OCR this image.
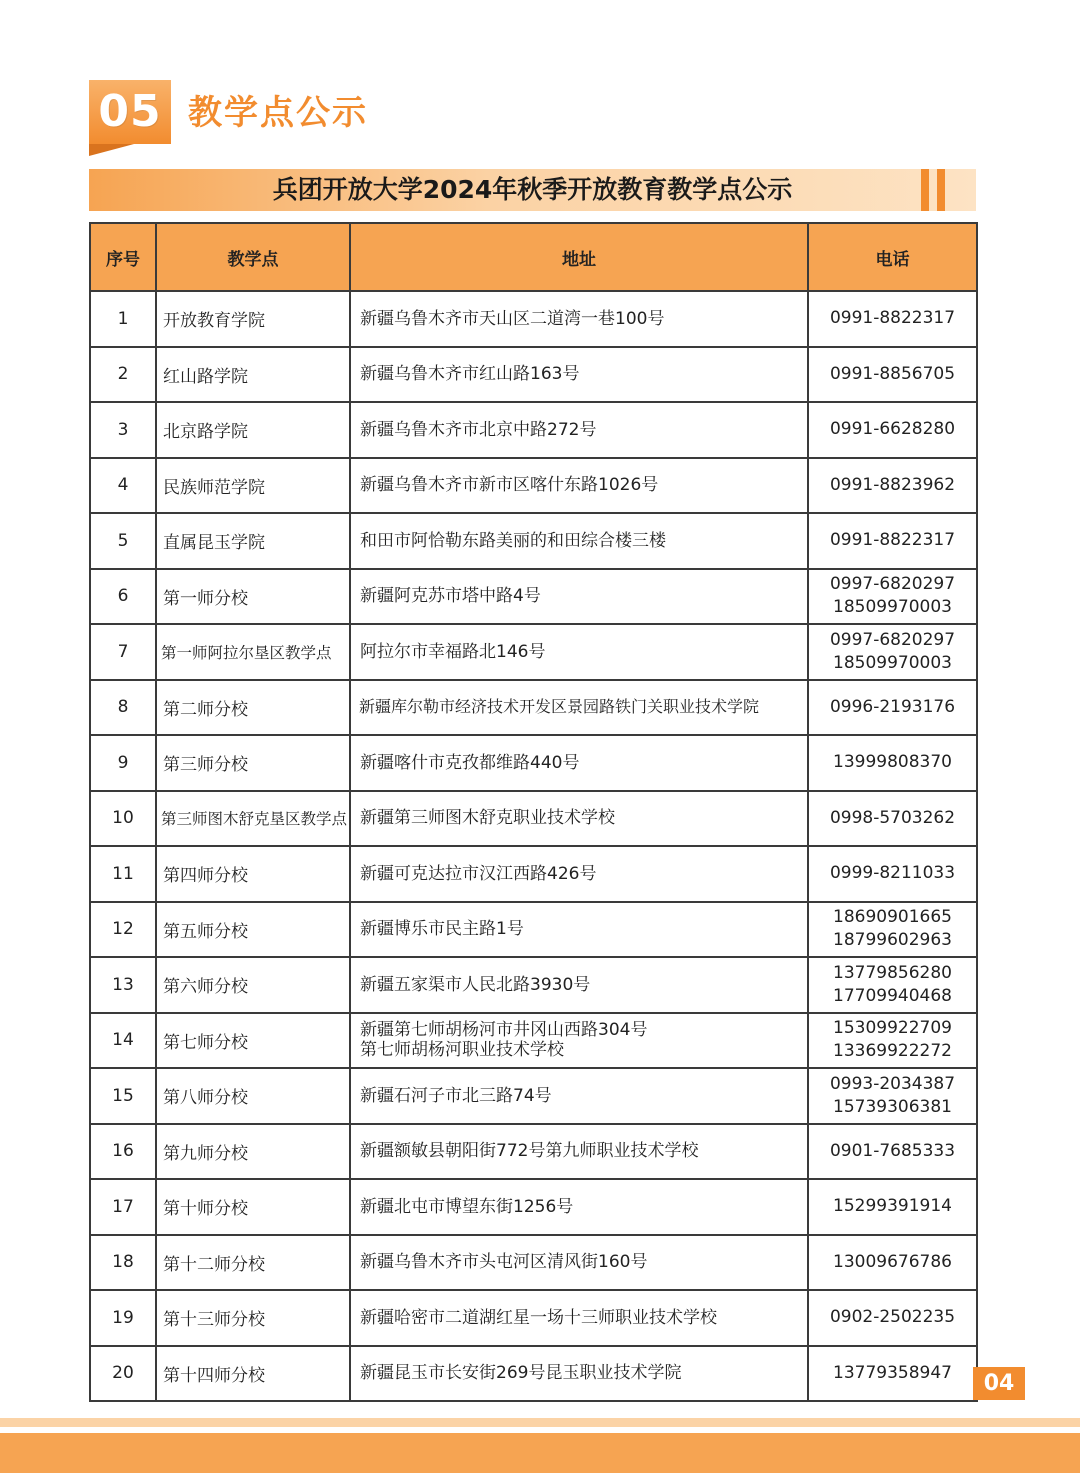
05 教学点公示
兵团开放大学2024年秋季开放教育教学点公示
序号	教学点	地址	电话
1	开放教育学院	新疆乌鲁木齐市天山区二道湾一巷100号	0991-8822317

2	红山路学院	新疆乌鲁木齐市红山路163号	0991-8856705

3	北京路学院	新疆乌鲁木齐市北京中路272号	0991-6628280

4	民族师范学院	新疆乌鲁木齐市新市区喀什东路1026号	0991-8823962

5	直属昆玉学院	和田市阿恰勒东路美丽的和田综合楼三楼	0991-8822317

6	第一师分校	新疆阿克苏市塔中路4号	0997-6820297
18509970003

7	第一师阿拉尔垦区教学点	阿拉尔市幸福路北146号	0997-6820297
18509970003

8	第二师分校	新疆库尔勒市经济技术开发区景园路铁门关职业技术学院	0996-2193176

9	第三师分校	新疆喀什市克孜都维路440号	13999808370

10	第三师图木舒克垦区教学点	新疆第三师图木舒克职业技术学校	0998-5703262

11	第四师分校	新疆可克达拉市汉江西路426号	0999-8211033

12	第五师分校	新疆博乐市民主路1号	18690901665
18799602963

13	第六师分校	新疆五家渠市人民北路3930号	13779856280
17709940468

14	第七师分校	新疆第七师胡杨河市井冈山西路304号
第七师胡杨河职业技术学校	15309922709
13369922272

15	第八师分校	新疆石河子市北三路74号	0993-2034387
15739306381

16	第九师分校	新疆额敏县朝阳街772号第九师职业技术学校	0901-7685333

17	第十师分校	新疆北屯市博望东街1256号	15299391914

18	第十二师分校	新疆乌鲁木齐市头屯河区清风街160号	13009676786

19	第十三师分校	新疆哈密市二道湖红星一场十三师职业技术学校	0902-2502235

20	第十四师分校	新疆昆玉市长安街269号昆玉职业技术学院	13779358947	04
